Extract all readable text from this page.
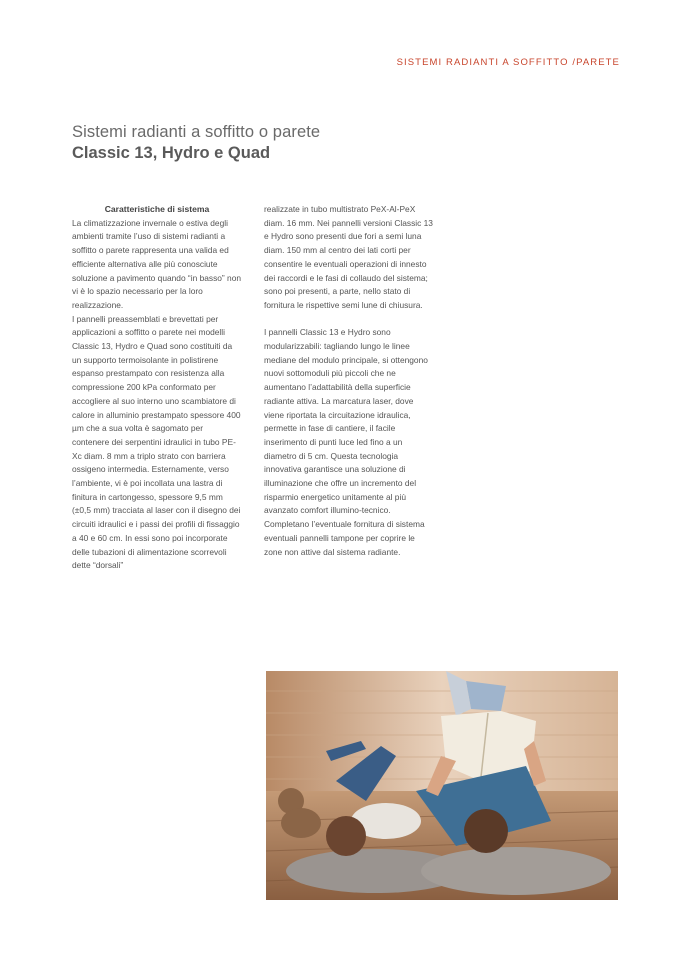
SISTEMI RADIANTI A SOFFITTO /PARETE
Sistemi radianti a soffitto o parete
Classic 13, Hydro e Quad

Caratteristiche di sistema

La climatizzazione invernale o estiva degli ambienti tramite l’uso di sistemi radianti a soffitto o parete rappresenta una valida ed efficiente alternativa alle più conosciute soluzione a pavimento quando “in basso” non vi è lo spazio necessario per la loro realizzazione.

I pannelli preassemblati e brevettati per applicazioni a soffitto o parete nei modelli Classic 13, Hydro e Quad sono costituiti da un supporto termoisolante in polistirene espanso prestampato con resistenza alla compressione 200 kPa conformato per accogliere al suo interno uno scambiatore di calore in alluminio prestampato spessore 400 µm che a sua volta è sagomato per contenere dei serpentini idraulici in tubo PE-Xc diam. 8 mm a triplo strato con barriera ossigeno intermedia. Esternamente, verso l’ambiente, vi è poi incollata una lastra di finitura in cartongesso, spessore 9,5 mm (±0,5 mm) tracciata al laser con il disegno dei circuiti idraulici e i passi dei profili di fissaggio a 40 e 60 cm. In essi sono poi incorporate delle tubazioni di alimentazione scorrevoli dette “dorsali”

realizzate in tubo multistrato PeX-Al-PeX diam. 16 mm. Nei pannelli versioni Classic 13 e Hydro sono presenti due fori a semi luna diam. 150 mm al centro dei lati corti per consentire le eventuali operazioni di innesto dei raccordi e le fasi di collaudo del sistema; sono poi presenti, a parte, nello stato di fornitura le rispettive semi lune di chiusura.

I pannelli Classic 13 e Hydro sono modularizzabili: tagliando lungo le linee mediane del modulo principale, si ottengono nuovi sottomoduli più piccoli che ne aumentano l’adattabilità della superficie radiante attiva. La marcatura laser, dove viene riportata la circuitazione idraulica, permette in fase di cantiere, il facile inserimento di punti luce led fino a un diametro di 5 cm. Questa tecnologia innovativa garantisce una soluzione di illuminazione che offre un incremento del risparmio energetico unitamente al più avanzato comfort illumino-tecnico. Completano l’eventuale fornitura di sistema eventuali pannelli tampone per coprire le zone non attive dal sistema radiante.
